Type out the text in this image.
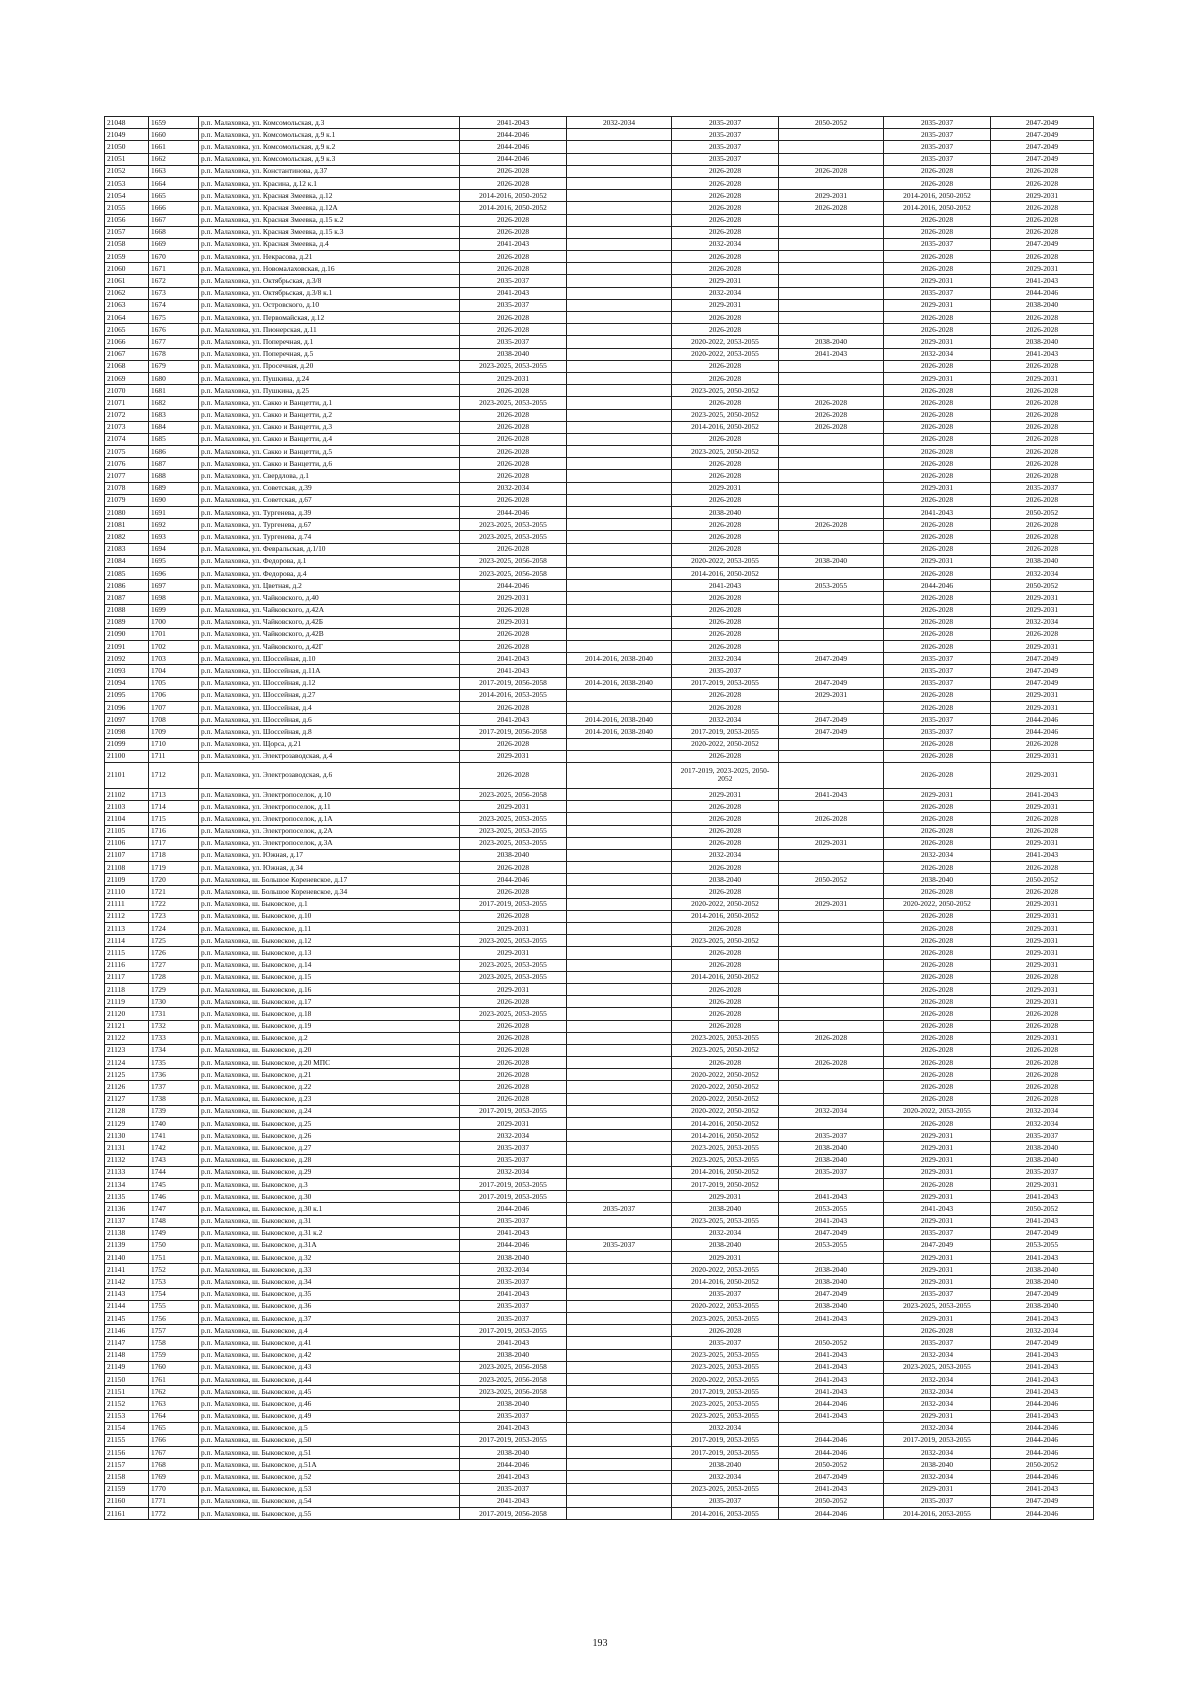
21048	1659	р.п. Малаховка, ул. Комсомольская, д.3	2041-2043	2032-2034	2035-2037	2050-2052	2035-2037	2047-2049
21049	1660	р.п. Малаховка, ул. Комсомольская, д.9 к.1	2044-2046		2035-2037		2035-2037	2047-2049
21050	1661	р.п. Малаховка, ул. Комсомольская, д.9 к.2	2044-2046		2035-2037		2035-2037	2047-2049
21051	1662	р.п. Малаховка, ул. Комсомольская, д.9 к.3	2044-2046		2035-2037		2035-2037	2047-2049
21052	1663	р.п. Малаховка, ул. Константинова, д.37	2026-2028		2026-2028	2026-2028	2026-2028	2026-2028
21053	1664	р.п. Малаховка, ул. Красина, д.12 к.1	2026-2028		2026-2028		2026-2028	2026-2028
21054	1665	р.п. Малаховка, ул. Красная Змеевка, д.12	2014-2016, 2050-2052		2026-2028	2029-2031	2014-2016, 2050-2052	2029-2031
21055	1666	р.п. Малаховка, ул. Красная Змеевка, д.12А	2014-2016, 2050-2052		2026-2028	2026-2028	2014-2016, 2050-2052	2026-2028
21056	1667	р.п. Малаховка, ул. Красная Змеевка, д.15 к.2	2026-2028		2026-2028		2026-2028	2026-2028
21057	1668	р.п. Малаховка, ул. Красная Змеевка, д.15 к.3	2026-2028		2026-2028		2026-2028	2026-2028
21058	1669	р.п. Малаховка, ул. Красная Змеевка, д.4	2041-2043		2032-2034		2035-2037	2047-2049
21059	1670	р.п. Малаховка, ул. Некрасова, д.21	2026-2028		2026-2028		2026-2028	2026-2028
21060	1671	р.п. Малаховка, ул. Новомалаховская, д.16	2026-2028		2026-2028		2026-2028	2029-2031
21061	1672	р.п. Малаховка, ул. Октябрьская, д.3/8	2035-2037		2029-2031		2029-2031	2041-2043
21062	1673	р.п. Малаховка, ул. Октябрьская, д.3/8 к.1	2041-2043		2032-2034		2035-2037	2044-2046
21063	1674	р.п. Малаховка, ул. Островского, д.10	2035-2037		2029-2031		2029-2031	2038-2040
21064	1675	р.п. Малаховка, ул. Первомайская, д.12	2026-2028		2026-2028		2026-2028	2026-2028
21065	1676	р.п. Малаховка, ул. Пионерская, д.11	2026-2028		2026-2028		2026-2028	2026-2028
21066	1677	р.п. Малаховка, ул. Поперечная, д.1	2035-2037		2020-2022, 2053-2055	2038-2040	2029-2031	2038-2040
21067	1678	р.п. Малаховка, ул. Поперечная, д.5	2038-2040		2020-2022, 2053-2055	2041-2043	2032-2034	2041-2043
21068	1679	р.п. Малаховка, ул. Просечная, д.20	2023-2025, 2053-2055		2026-2028		2026-2028	2026-2028
21069	1680	р.п. Малаховка, ул. Пушкина, д.24	2029-2031		2026-2028		2029-2031	2029-2031
21070	1681	р.п. Малаховка, ул. Пушкина, д.25	2026-2028		2023-2025, 2050-2052		2026-2028	2026-2028
21071	1682	р.п. Малаховка, ул. Сакко и Ванцетти, д.1	2023-2025, 2053-2055		2026-2028	2026-2028	2026-2028	2026-2028
21072	1683	р.п. Малаховка, ул. Сакко и Ванцетти, д.2	2026-2028		2023-2025, 2050-2052	2026-2028	2026-2028	2026-2028
21073	1684	р.п. Малаховка, ул. Сакко и Ванцетти, д.3	2026-2028		2014-2016, 2050-2052	2026-2028	2026-2028	2026-2028
21074	1685	р.п. Малаховка, ул. Сакко и Ванцетти, д.4	2026-2028		2026-2028		2026-2028	2026-2028
21075	1686	р.п. Малаховка, ул. Сакко и Ванцетти, д.5	2026-2028		2023-2025, 2050-2052		2026-2028	2026-2028
21076	1687	р.п. Малаховка, ул. Сакко и Ванцетти, д.6	2026-2028		2026-2028		2026-2028	2026-2028
21077	1688	р.п. Малаховка, ул. Свердлова, д.1	2026-2028		2026-2028		2026-2028	2026-2028
21078	1689	р.п. Малаховка, ул. Советская, д.39	2032-2034		2029-2031		2029-2031	2035-2037
21079	1690	р.п. Малаховка, ул. Советская, д.67	2026-2028		2026-2028		2026-2028	2026-2028
21080	1691	р.п. Малаховка, ул. Тургенева, д.39	2044-2046		2038-2040		2041-2043	2050-2052
21081	1692	р.п. Малаховка, ул. Тургенева, д.67	2023-2025, 2053-2055		2026-2028	2026-2028	2026-2028	2026-2028
21082	1693	р.п. Малаховка, ул. Тургенева, д.74	2023-2025, 2053-2055		2026-2028		2026-2028	2026-2028
21083	1694	р.п. Малаховка, ул. Февральская, д.1/10	2026-2028		2026-2028		2026-2028	2026-2028
21084	1695	р.п. Малаховка, ул. Федорова, д.1	2023-2025, 2056-2058		2020-2022, 2053-2055	2038-2040	2029-2031	2038-2040
21085	1696	р.п. Малаховка, ул. Федорова, д.4	2023-2025, 2056-2058		2014-2016, 2050-2052		2026-2028	2032-2034
21086	1697	р.п. Малаховка, ул. Цветная, д.2	2044-2046		2041-2043	2053-2055	2044-2046	2050-2052
21087	1698	р.п. Малаховка, ул. Чайковского, д.40	2029-2031		2026-2028		2026-2028	2029-2031
21088	1699	р.п. Малаховка, ул. Чайковского, д.42А	2026-2028		2026-2028		2026-2028	2029-2031
21089	1700	р.п. Малаховка, ул. Чайковского, д.42Б	2029-2031		2026-2028		2026-2028	2032-2034
21090	1701	р.п. Малаховка, ул. Чайковского, д.42В	2026-2028		2026-2028		2026-2028	2026-2028
21091	1702	р.п. Малаховка, ул. Чайковского, д.42Г	2026-2028		2026-2028		2026-2028	2029-2031
21092	1703	р.п. Малаховка, ул. Шоссейная, д.10	2041-2043	2014-2016, 2038-2040	2032-2034	2047-2049	2035-2037	2047-2049
21093	1704	р.п. Малаховка, ул. Шоссейная, д.11А	2041-2043		2035-2037		2035-2037	2047-2049
21094	1705	р.п. Малаховка, ул. Шоссейная, д.12	2017-2019, 2056-2058	2014-2016, 2038-2040	2017-2019, 2053-2055	2047-2049	2035-2037	2047-2049
21095	1706	р.п. Малаховка, ул. Шоссейная, д.27	2014-2016, 2053-2055		2026-2028	2029-2031	2026-2028	2029-2031
21096	1707	р.п. Малаховка, ул. Шоссейная, д.4	2026-2028		2026-2028		2026-2028	2029-2031
21097	1708	р.п. Малаховка, ул. Шоссейная, д.6	2041-2043	2014-2016, 2038-2040	2032-2034	2047-2049	2035-2037	2044-2046
21098	1709	р.п. Малаховка, ул. Шоссейная, д.8	2017-2019, 2056-2058	2014-2016, 2038-2040	2017-2019, 2053-2055	2047-2049	2035-2037	2044-2046
21099	1710	р.п. Малаховка, ул. Щорса, д.21	2026-2028		2020-2022, 2050-2052		2026-2028	2026-2028
21100	1711	р.п. Малаховка, ул. Электрозаводская, д.4	2029-2031		2026-2028		2026-2028	2029-2031
21101	1712	р.п. Малаховка, ул. Электрозаводская, д.6	2026-2028		2017-2019, 2023-2025, 2050-2052		2026-2028	2029-2031
21102	1713	р.п. Малаховка, ул. Электропоселок, д.10	2023-2025, 2056-2058		2029-2031	2041-2043	2029-2031	2041-2043
21103	1714	р.п. Малаховка, ул. Электропоселок, д.11	2029-2031		2026-2028		2026-2028	2029-2031
21104	1715	р.п. Малаховка, ул. Электропоселок, д.1А	2023-2025, 2053-2055		2026-2028	2026-2028	2026-2028	2026-2028
21105	1716	р.п. Малаховка, ул. Электропоселок, д.2А	2023-2025, 2053-2055		2026-2028		2026-2028	2026-2028
21106	1717	р.п. Малаховка, ул. Электропоселок, д.3А	2023-2025, 2053-2055		2026-2028	2029-2031	2026-2028	2029-2031
21107	1718	р.п. Малаховка, ул. Южная, д.17	2038-2040		2032-2034		2032-2034	2041-2043
21108	1719	р.п. Малаховка, ул. Южная, д.34	2026-2028		2026-2028		2026-2028	2026-2028
21109	1720	р.п. Малаховка, ш. Большое Кореневское, д.17	2044-2046		2038-2040	2050-2052	2038-2040	2050-2052
21110	1721	р.п. Малаховка, ш. Большое Кореневское, д.34	2026-2028		2026-2028		2026-2028	2026-2028
21111	1722	р.п. Малаховка, ш. Быковское, д.1	2017-2019, 2053-2055		2020-2022, 2050-2052	2029-2031	2020-2022, 2050-2052	2029-2031
21112	1723	р.п. Малаховка, ш. Быковское, д.10	2026-2028		2014-2016, 2050-2052		2026-2028	2029-2031
21113	1724	р.п. Малаховка, ш. Быковское, д.11	2029-2031		2026-2028		2026-2028	2029-2031
21114	1725	р.п. Малаховка, ш. Быковское, д.12	2023-2025, 2053-2055		2023-2025, 2050-2052		2026-2028	2029-2031
21115	1726	р.п. Малаховка, ш. Быковское, д.13	2029-2031		2026-2028		2026-2028	2029-2031
21116	1727	р.п. Малаховка, ш. Быковское, д.14	2023-2025, 2053-2055		2026-2028		2026-2028	2029-2031
21117	1728	р.п. Малаховка, ш. Быковское, д.15	2023-2025, 2053-2055		2014-2016, 2050-2052		2026-2028	2026-2028
21118	1729	р.п. Малаховка, ш. Быковское, д.16	2029-2031		2026-2028		2026-2028	2029-2031
21119	1730	р.п. Малаховка, ш. Быковское, д.17	2026-2028		2026-2028		2026-2028	2029-2031
21120	1731	р.п. Малаховка, ш. Быковское, д.18	2023-2025, 2053-2055		2026-2028		2026-2028	2026-2028
21121	1732	р.п. Малаховка, ш. Быковское, д.19	2026-2028		2026-2028		2026-2028	2026-2028
21122	1733	р.п. Малаховка, ш. Быковское, д.2	2026-2028		2023-2025, 2053-2055	2026-2028	2026-2028	2029-2031
21123	1734	р.п. Малаховка, ш. Быковское, д.20	2026-2028		2023-2025, 2050-2052		2026-2028	2026-2028
21124	1735	р.п. Малаховка, ш. Быковское, д.20 МПС	2026-2028		2026-2028	2026-2028	2026-2028	2026-2028
21125	1736	р.п. Малаховка, ш. Быковское, д.21	2026-2028		2020-2022, 2050-2052		2026-2028	2026-2028
21126	1737	р.п. Малаховка, ш. Быковское, д.22	2026-2028		2020-2022, 2050-2052		2026-2028	2026-2028
21127	1738	р.п. Малаховка, ш. Быковское, д.23	2026-2028		2020-2022, 2050-2052		2026-2028	2026-2028
21128	1739	р.п. Малаховка, ш. Быковское, д.24	2017-2019, 2053-2055		2020-2022, 2050-2052	2032-2034	2020-2022, 2053-2055	2032-2034
21129	1740	р.п. Малаховка, ш. Быковское, д.25	2029-2031		2014-2016, 2050-2052		2026-2028	2032-2034
21130	1741	р.п. Малаховка, ш. Быковское, д.26	2032-2034		2014-2016, 2050-2052	2035-2037	2029-2031	2035-2037
21131	1742	р.п. Малаховка, ш. Быковское, д.27	2035-2037		2023-2025, 2053-2055	2038-2040	2029-2031	2038-2040
21132	1743	р.п. Малаховка, ш. Быковское, д.28	2035-2037		2023-2025, 2053-2055	2038-2040	2029-2031	2038-2040
21133	1744	р.п. Малаховка, ш. Быковское, д.29	2032-2034		2014-2016, 2050-2052	2035-2037	2029-2031	2035-2037
21134	1745	р.п. Малаховка, ш. Быковское, д.3	2017-2019, 2053-2055		2017-2019, 2050-2052		2026-2028	2029-2031
21135	1746	р.п. Малаховка, ш. Быковское, д.30	2017-2019, 2053-2055		2029-2031	2041-2043	2029-2031	2041-2043
21136	1747	р.п. Малаховка, ш. Быковское, д.30 к.1	2044-2046	2035-2037	2038-2040	2053-2055	2041-2043	2050-2052
21137	1748	р.п. Малаховка, ш. Быковское, д.31	2035-2037		2023-2025, 2053-2055	2041-2043	2029-2031	2041-2043
21138	1749	р.п. Малаховка, ш. Быковское, д.31 к.2	2041-2043		2032-2034	2047-2049	2035-2037	2047-2049
21139	1750	р.п. Малаховка, ш. Быковское, д.31А	2044-2046	2035-2037	2038-2040	2053-2055	2047-2049	2053-2055
21140	1751	р.п. Малаховка, ш. Быковское, д.32	2038-2040		2029-2031		2029-2031	2041-2043
21141	1752	р.п. Малаховка, ш. Быковское, д.33	2032-2034		2020-2022, 2053-2055	2038-2040	2029-2031	2038-2040
21142	1753	р.п. Малаховка, ш. Быковское, д.34	2035-2037		2014-2016, 2050-2052	2038-2040	2029-2031	2038-2040
21143	1754	р.п. Малаховка, ш. Быковское, д.35	2041-2043		2035-2037	2047-2049	2035-2037	2047-2049
21144	1755	р.п. Малаховка, ш. Быковское, д.36	2035-2037		2020-2022, 2053-2055	2038-2040	2023-2025, 2053-2055	2038-2040
21145	1756	р.п. Малаховка, ш. Быковское, д.37	2035-2037		2023-2025, 2053-2055	2041-2043	2029-2031	2041-2043
21146	1757	р.п. Малаховка, ш. Быковское, д.4	2017-2019, 2053-2055		2026-2028		2026-2028	2032-2034
21147	1758	р.п. Малаховка, ш. Быковское, д.41	2041-2043		2035-2037	2050-2052	2035-2037	2047-2049
21148	1759	р.п. Малаховка, ш. Быковское, д.42	2038-2040		2023-2025, 2053-2055	2041-2043	2032-2034	2041-2043
21149	1760	р.п. Малаховка, ш. Быковское, д.43	2023-2025, 2056-2058		2023-2025, 2053-2055	2041-2043	2023-2025, 2053-2055	2041-2043
21150	1761	р.п. Малаховка, ш. Быковское, д.44	2023-2025, 2056-2058		2020-2022, 2053-2055	2041-2043	2032-2034	2041-2043
21151	1762	р.п. Малаховка, ш. Быковское, д.45	2023-2025, 2056-2058		2017-2019, 2053-2055	2041-2043	2032-2034	2041-2043
21152	1763	р.п. Малаховка, ш. Быковское, д.46	2038-2040		2023-2025, 2053-2055	2044-2046	2032-2034	2044-2046
21153	1764	р.п. Малаховка, ш. Быковское, д.49	2035-2037		2023-2025, 2053-2055	2041-2043	2029-2031	2041-2043
21154	1765	р.п. Малаховка, ш. Быковское, д.5	2041-2043		2032-2034		2032-2034	2044-2046
21155	1766	р.п. Малаховка, ш. Быковское, д.50	2017-2019, 2053-2055		2017-2019, 2053-2055	2044-2046	2017-2019, 2053-2055	2044-2046
21156	1767	р.п. Малаховка, ш. Быковское, д.51	2038-2040		2017-2019, 2053-2055	2044-2046	2032-2034	2044-2046
21157	1768	р.п. Малаховка, ш. Быковское, д.51А	2044-2046		2038-2040	2050-2052	2038-2040	2050-2052
21158	1769	р.п. Малаховка, ш. Быковское, д.52	2041-2043		2032-2034	2047-2049	2032-2034	2044-2046
21159	1770	р.п. Малаховка, ш. Быковское, д.53	2035-2037		2023-2025, 2053-2055	2041-2043	2029-2031	2041-2043
21160	1771	р.п. Малаховка, ш. Быковское, д.54	2041-2043		2035-2037	2050-2052	2035-2037	2047-2049
21161	1772	р.п. Малаховка, ш. Быковское, д.55	2017-2019, 2056-2058		2014-2016, 2053-2055	2044-2046	2014-2016, 2053-2055	2044-2046
193
